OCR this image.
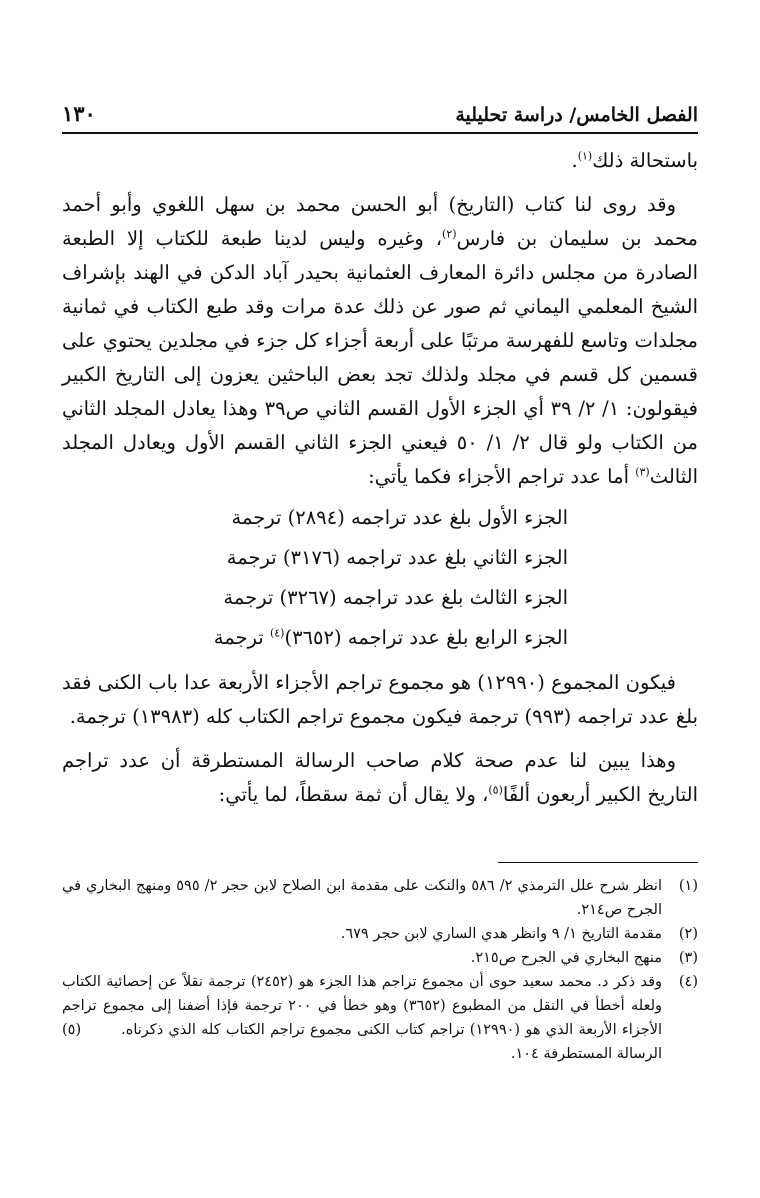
١٣٠	الفصل الخامس/ دراسة تحليلية

باستحالة ذلك$^{(١)}$.

وقد روى لنا كتاب (التاريخ) أبو الحسن محمد بن سهل اللغوي وأبو أحمد محمد بن سليمان بن فارس$^{(٢)}$، وغيره وليس لدينا طبعة للكتاب إلا الطبعة الصادرة من مجلس دائرة المعارف العثمانية بحيدر آباد الدكن في الهند بإشراف الشيخ المعلمي اليماني ثم صور عن ذلك عدة مرات وقد طبع الكتاب في ثمانية مجلدات وتاسع للفهرسة مرتبًا على أربعة أجزاء كل جزء في مجلدين يحتوي على قسمين كل قسم في مجلد ولذلك تجد بعض الباحثين يعزون إلى التاريخ الكبير فيقولون: ١/ ٢/ ٣٩ أي الجزء الأول القسم الثاني ص٣٩ وهذا يعادل المجلد الثاني من الكتاب ولو قال ٢/ ١/ ٥٠ فيعني الجزء الثاني القسم الأول ويعادل المجلد الثالث$^{(٣)}$ أما عدد تراجم الأجزاء فكما يأتي:

الجزء الأول بلغ عدد تراجمه (٢٨٩٤) ترجمة
الجزء الثاني بلغ عدد تراجمه (٣١٧٦) ترجمة
الجزء الثالث بلغ عدد تراجمه (٣٢٦٧) ترجمة
الجزء الرابع بلغ عدد تراجمه (٣٦٥٢)$^{(٤)}$ ترجمة

فيكون المجموع (١٢٩٩٠) هو مجموع تراجم الأجزاء الأربعة عدا باب الكنى فقد بلغ عدد تراجمه (٩٩٣) ترجمة فيكون مجموع تراجم الكتاب كله (١٣٩٨٣) ترجمة.

وهذا يبين لنا عدم صحة كلام صاحب الرسالة المستطرقة أن عدد تراجم التاريخ الكبير أربعون ألفًا$^{(٥)}$، ولا يقال أن ثمة سقطاً، لما يأتي:

(١)
انظر شرح علل الترمذي ٢/ ٥٨٦ والنكت على مقدمة ابن الصلاح لابن حجر ٢/ ٥٩٥ ومنهج البخاري في الجرح ص٢١٤.
(٢)
مقدمة التاريخ ١/ ٩ وانظر هدي الساري لابن حجر ٦٧٩.
(٣)
منهج البخاري في الجرح ص٢١٥.
(٤)
وقد ذكر د. محمد سعيد حوى أن مجموع تراجم هذا الجزء هو (٢٤٥٢) ترجمة نقلاً عن إحصائية الكتاب ولعله أخطأ في النقل من المطبوع (٣٦٥٢) وهو خطأ في ٢٠٠ ترجمة فإذا أضفنا إلى مجموع تراجم الأجزاء الأربعة الذي هو (١٢٩٩٠) تراجم كتاب الكنى مجموع تراجم الكتاب كله الذي ذكرناه.(٥) الرسالة المستطرفة ١٠٤.
